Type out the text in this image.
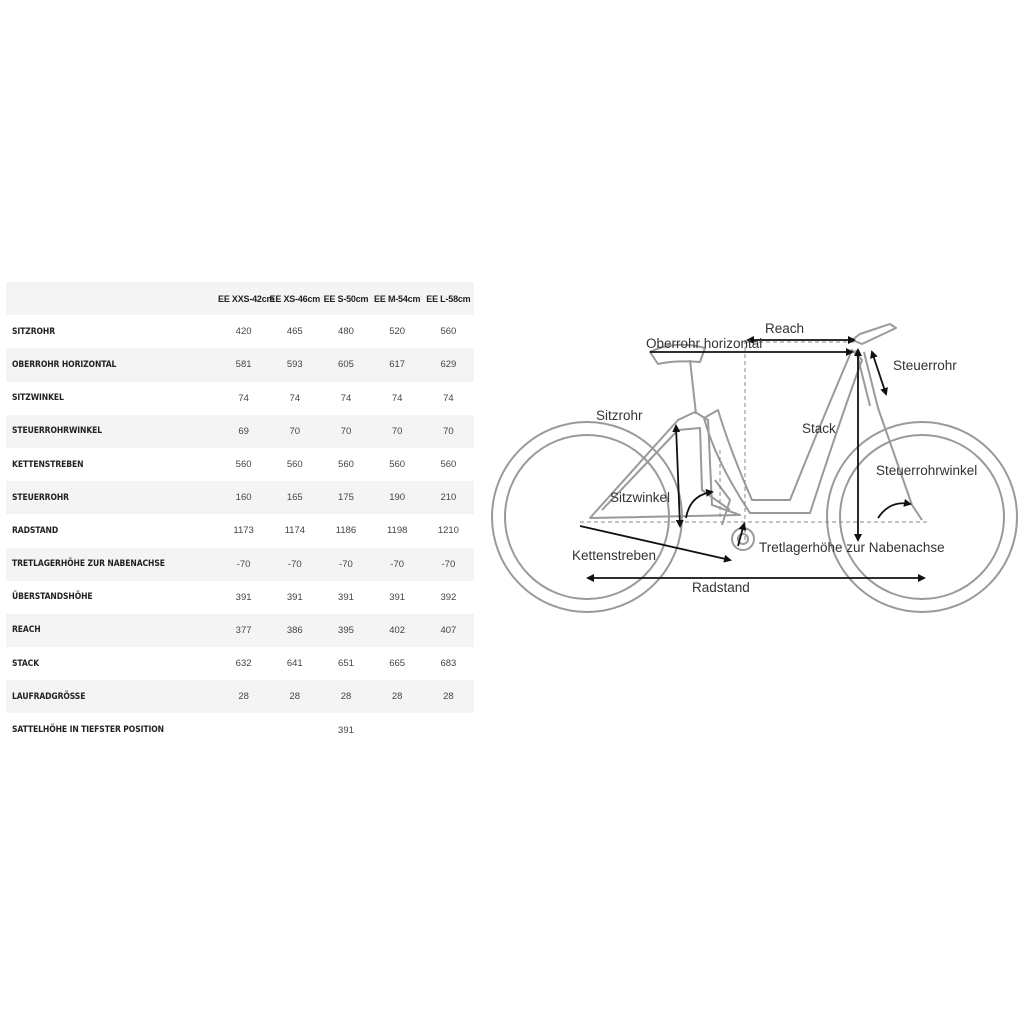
	EE XXS-42cm	EE XS-46cm	EE S-50cm	EE M-54cm	EE L-58cm
SITZROHR	420	465	480	520	560
OBERROHR HORIZONTAL	581	593	605	617	629
SITZWINKEL	74	74	74	74	74
STEUERROHRWINKEL	69	70	70	70	70
KETTENSTREBEN	560	560	560	560	560
STEUERROHR	160	165	175	190	210
RADSTAND	1173	1174	1186	1198	1210
TRETLAGERHÖHE ZUR NABENACHSE	-70	-70	-70	-70	-70
ÜBERSTANDSHÖHE	391	391	391	391	392
REACH	377	386	395	402	407
STACK	632	641	651	665	683
LAUFRADGRÖSSE	28	28	28	28	28
SATTELHÖHE IN TIEFSTER POSITION			391		
Reach
Oberrohr horizontal
Steuerrohr
Sitzrohr
Stack
Steuerrohrwinkel
Sitzwinkel
Kettenstreben
Tretlagerhöhe zur Nabenachse
Radstand
